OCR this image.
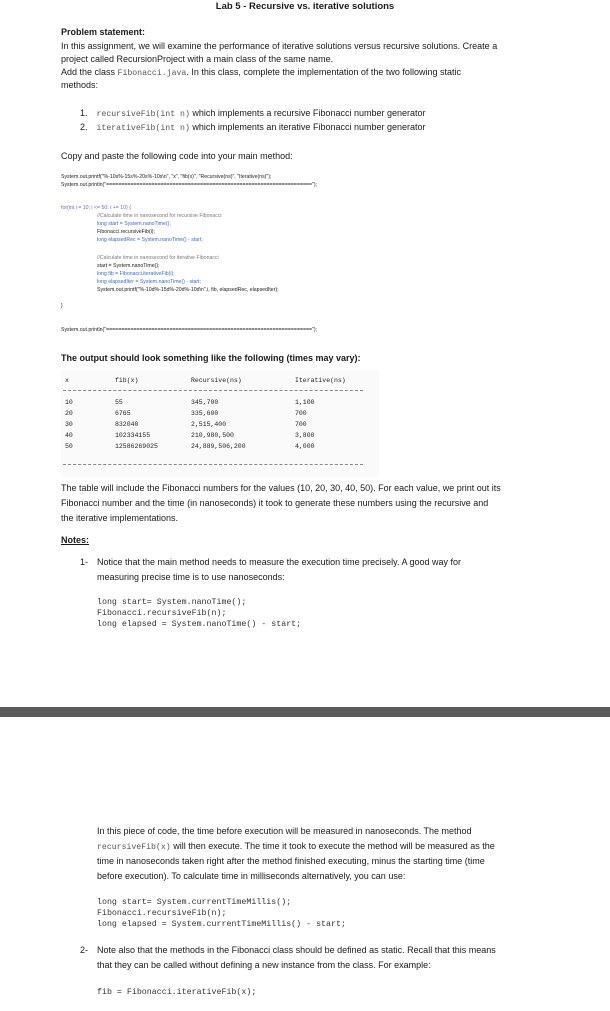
Lab 5 - Recursive vs. iterative solutions
Problem statement:
In this assignment, we will examine the performance of iterative solutions versus recursive solutions. Create a
project called RecursionProject with a main class of the same name.
Add the class Fibonacci.java. In this class, complete the implementation of the two following static
methods:
1. recursiveFib(int n) which implements a recursive Fibonacci number generator
2. iterativeFib(int n) which implements an iterative Fibonacci number generator
Copy and paste the following code into your main method:
System.out.printf("%-10s%-15s%-20s%-10s\n", "x", "fib(x)", "Recursive(ns)", "Iterative(ns)");
System.out.println("====================================================================");
for(int i = 10; i <= 50; i += 10) {
//Calculate time in nanosecond for recursive Fibonacci
long start = System.nanoTime();
Fibonacci.recursiveFib(i);
long elapsedRec = System.nanoTime() - start;
//Calculate time in nanosecond for iterative Fibonacci
start = System.nanoTime();
long fib = Fibonacci.iterativeFib(i);
long elapsedIter = System.nanoTime() - start;
System.out.printf("%-10d%-15d%-20d%-10d\n",i, fib, elapsedRec, elapsedIter);
}
System.out.println("====================================================================");
The output should look something like the following (times may vary):
x	fib(x)	Recursive(ns)	Iterative(ns)
10	55	345,700	1,100
20	6765	335,600	700
30	832040	2,515,400	700
40	102334155	210,980,500	3,800
50	12586269025	24,889,506,200	4,000
The table will include the Fibonacci numbers for the values (10, 20, 30, 40, 50). For each value, we print out its
Fibonacci number and the time (in nanoseconds) it took to generate these numbers using the recursive and
the iterative implementations.
Notes:
1- Notice that the main method needs to measure the execution time precisely. A good way for
measuring precise time is to use nanoseconds:
long start= System.nanoTime();
Fibonacci.recursiveFib(n);
long elapsed = System.nanoTime() - start;
In this piece of code, the time before execution will be measured in nanoseconds. The method
recursiveFib(x) will then execute. The time it took to execute the method will be measured as the
time in nanoseconds taken right after the method finished executing, minus the starting time (time
before execution). To calculate time in milliseconds alternatively, you can use:
long start= System.currentTimeMillis();
Fibonacci.recursiveFib(n);
long elapsed = System.currentTimeMillis() - start;
2- Note also that the methods in the Fibonacci class should be defined as static. Recall that this means
that they can be called without defining a new instance from the class. For example:
fib = Fibonacci.iterativeFib(x);
